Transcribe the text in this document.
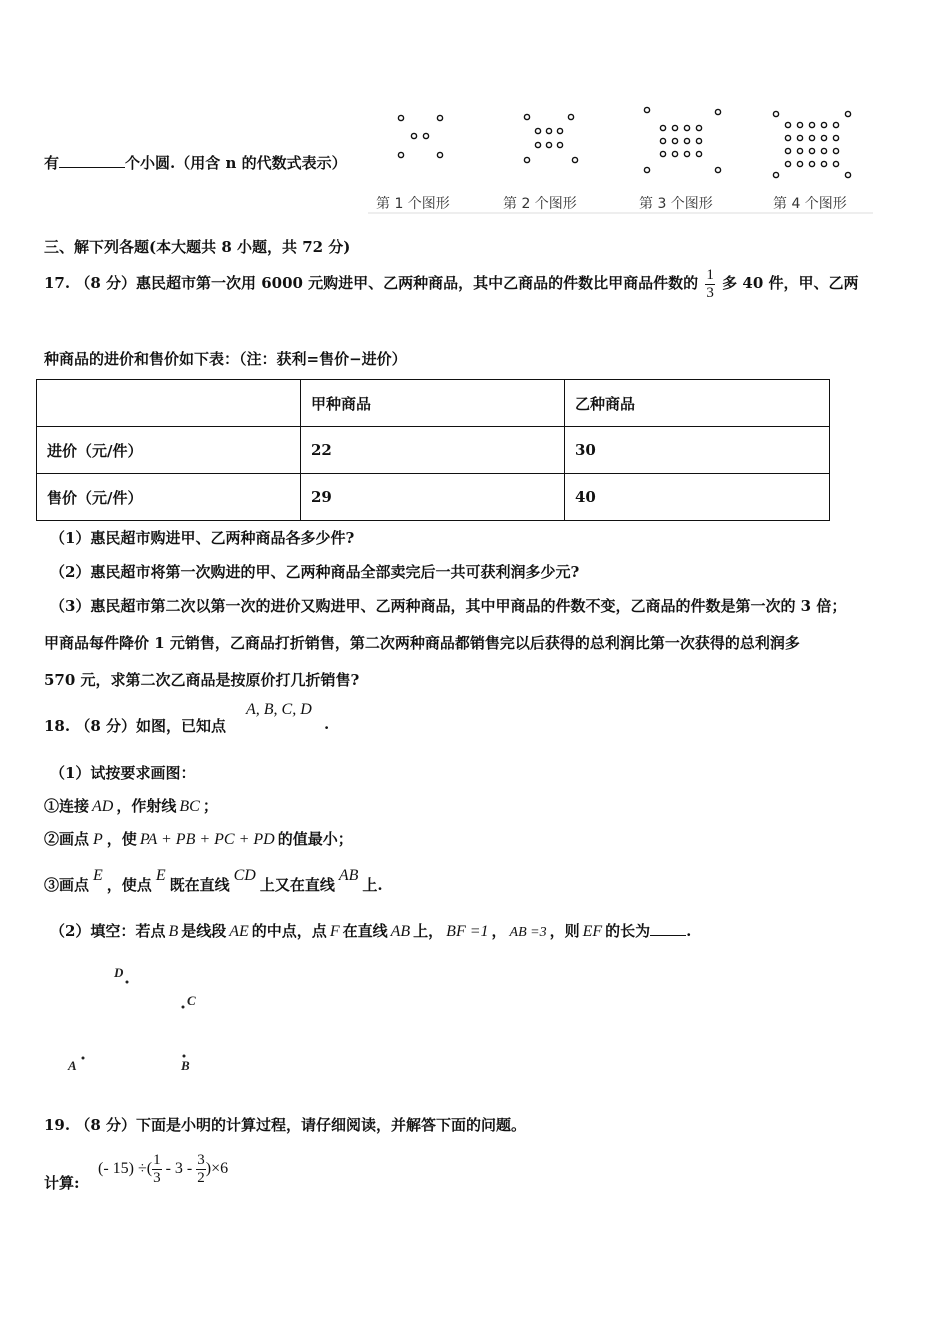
有	个小圆.（用含 n 的代数式表示）
第 1 个图形	第 2 个图形	第 3 个图形	第 4 个图形
三、解下列各题(本大题共 8 小题，共 72 分)
17. （8 分）惠民超市第一次用 6000 元购进甲、乙两种商品，其中乙商品的件数比甲商品件数的 $\frac{1}{3}$ 多 40 件，甲、乙两
种商品的进价和售价如下表：（注：获利=售价−进价）
	甲种商品	乙种商品
进价（元/件）	22	30
售价（元/件）	29	40
（1）惠民超市购进甲、乙两种商品各多少件?
（2）惠民超市将第一次购进的甲、乙两种商品全部卖完后一共可获利润多少元?
（3）惠民超市第二次以第一次的进价又购进甲、乙两种商品，其中甲商品的件数不变，乙商品的件数是第一次的 3 倍；
甲商品每件降价 1 元销售，乙商品打折销售，第二次两种商品都销售完以后获得的总利润比第一次获得的总利润多
570 元，求第二次乙商品是按原价打几折销售?
18. （8 分）如图，已知点
A, B, C, D
.
（1）试按要求画图：
①连接 AD ，作射线 BC ；
②画点 P ，使 PA + PB + PC + PD 的值最小；
③画点E，使点E既在直线CD上又在直线AB上.
（2）填空：若点 B 是线段 AE 的中点，点 F 在直线 AB 上， BF =1 ， AB =3 ，则 EF 的长为 .
D
C
A	B
19. （8 分）下面是小明的计算过程，请仔细阅读，并解答下面的问题。
计算:
(- 15) ÷( $\frac{1}{3} - 3 - \frac{3}{2} )\times 6$
